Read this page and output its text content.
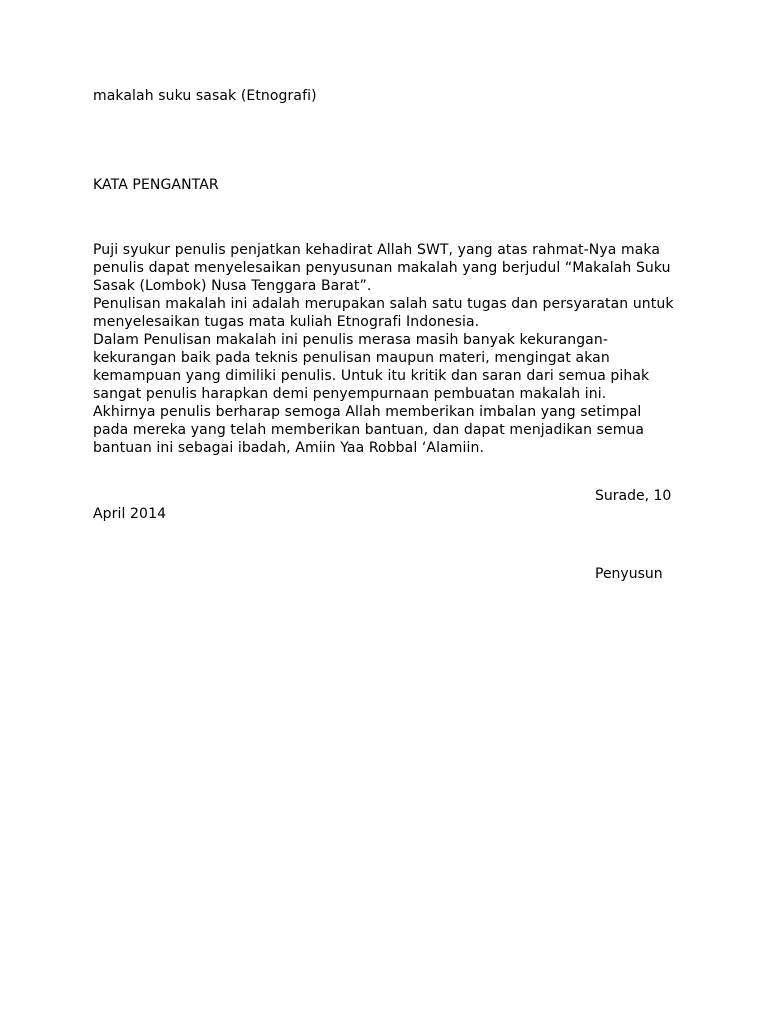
makalah suku sasak (Etnografi)
KATA PENGANTAR
Puji syukur penulis penjatkan kehadirat Allah SWT, yang atas rahmat-Nya maka
penulis dapat menyelesaikan penyusunan makalah yang berjudul “Makalah Suku
Sasak (Lombok) Nusa Tenggara Barat”.
Penulisan makalah ini adalah merupakan salah satu tugas dan persyaratan untuk
menyelesaikan tugas mata kuliah Etnografi Indonesia.
Dalam Penulisan makalah ini penulis merasa masih banyak kekurangan-
kekurangan baik pada teknis penulisan maupun materi, mengingat akan
kemampuan yang dimiliki penulis. Untuk itu kritik dan saran dari semua pihak
sangat penulis harapkan demi penyempurnaan pembuatan makalah ini.
Akhirnya penulis berharap semoga Allah memberikan imbalan yang setimpal
pada mereka yang telah memberikan bantuan, dan dapat menjadikan semua
bantuan ini sebagai ibadah, Amiin Yaa Robbal ‘Alamiin.
Surade, 10
April 2014
Penyusun
